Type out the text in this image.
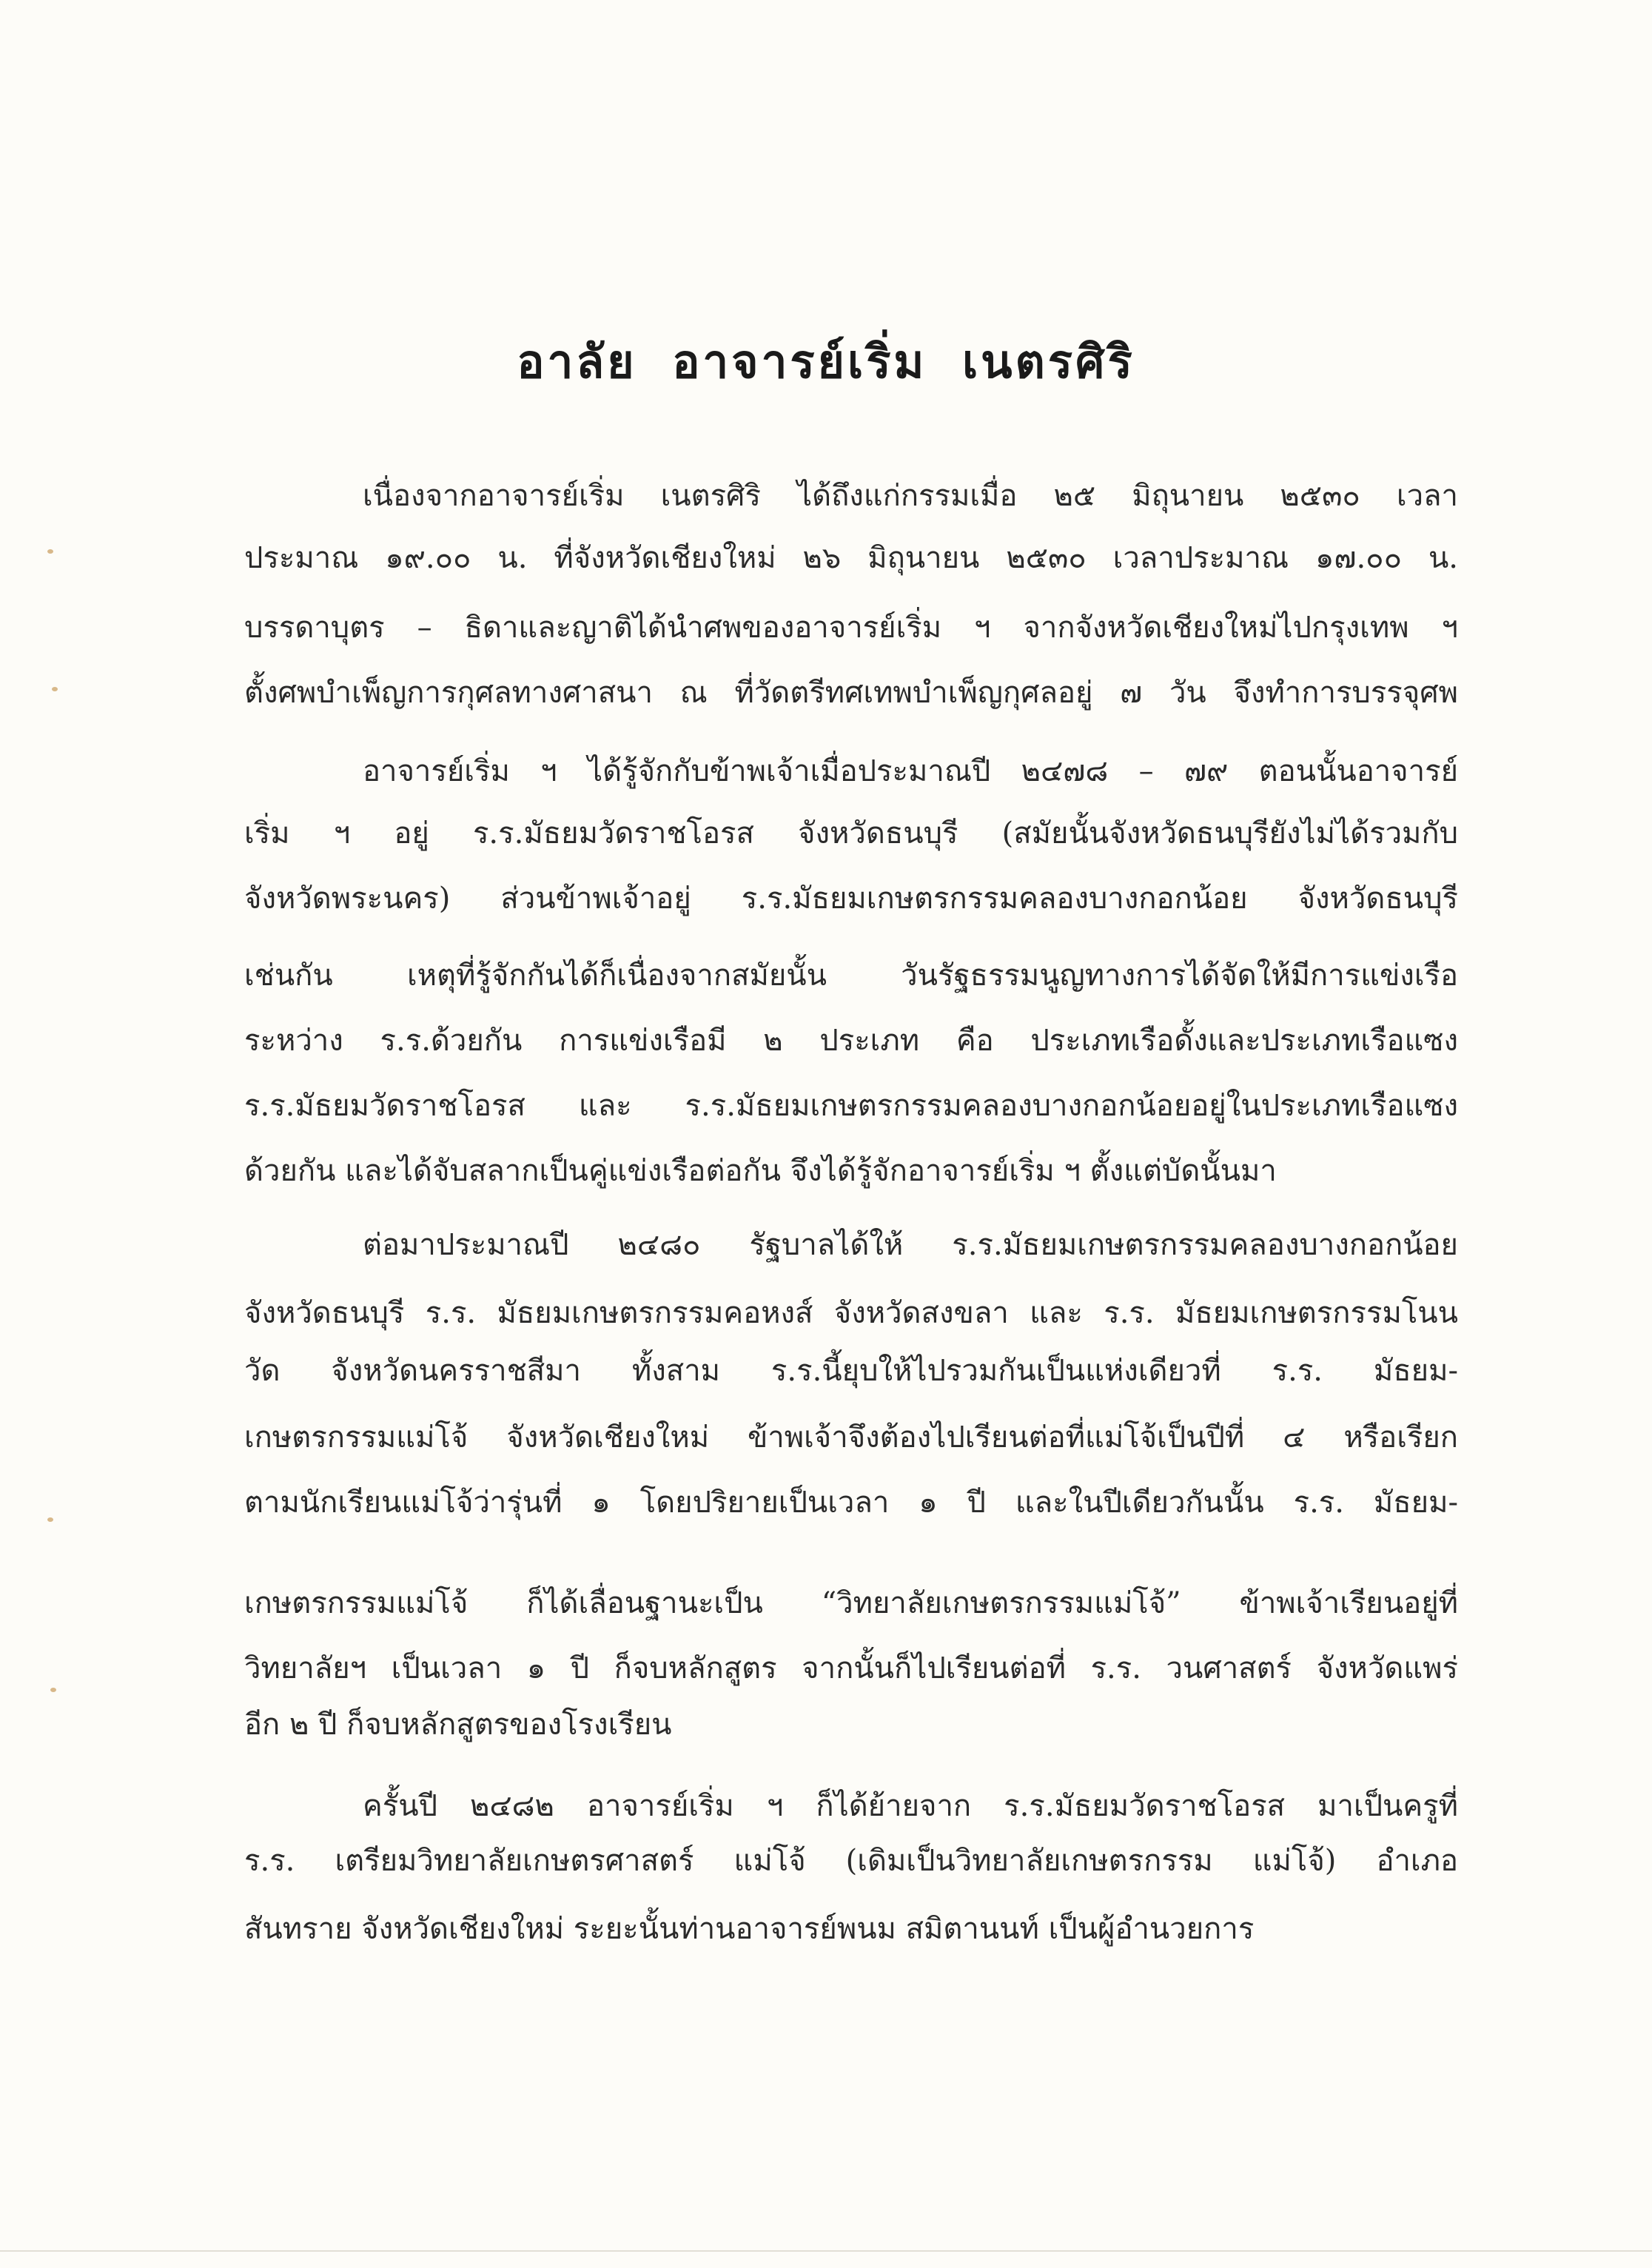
อาลัย อาจารย์เริ่ม เนตรศิริ
เนื่องจากอาจารย์เริ่ม เนตรศิริ ได้ถึงแก่กรรมเมื่อ ๒๕ มิถุนายน ๒๕๓๐ เวลา
ประมาณ ๑๙.๐๐ น. ที่จังหวัดเชียงใหม่ ๒๖ มิถุนายน ๒๕๓๐ เวลาประมาณ ๑๗.๐๐ น.
บรรดาบุตร – ธิดาและญาติได้นำศพของอาจารย์เริ่ม ฯ จากจังหวัดเชียงใหม่ไปกรุงเทพ ฯ
ตั้งศพบำเพ็ญการกุศลทางศาสนา ณ ที่วัดตรีทศเทพบำเพ็ญกุศลอยู่ ๗ วัน จึงทำการบรรจุศพ
อาจารย์เริ่ม ฯ ได้รู้จักกับข้าพเจ้าเมื่อประมาณปี ๒๔๗๘ – ๗๙ ตอนนั้นอาจารย์
เริ่ม ฯ อยู่ ร.ร.มัธยมวัดราชโอรส จังหวัดธนบุรี (สมัยนั้นจังหวัดธนบุรียังไม่ได้รวมกับ
จังหวัดพระนคร) ส่วนข้าพเจ้าอยู่ ร.ร.มัธยมเกษตรกรรมคลองบางกอกน้อย จังหวัดธนบุรี
เช่นกัน เหตุที่รู้จักกันได้ก็เนื่องจากสมัยนั้น วันรัฐธรรมนูญทางการได้จัดให้มีการแข่งเรือ
ระหว่าง ร.ร.ด้วยกัน การแข่งเรือมี ๒ ประเภท คือ ประเภทเรือดั้งและประเภทเรือแซง
ร.ร.มัธยมวัดราชโอรส และ ร.ร.มัธยมเกษตรกรรมคลองบางกอกน้อยอยู่ในประเภทเรือแซง
ด้วยกัน และได้จับสลากเป็นคู่แข่งเรือต่อกัน จึงได้รู้จักอาจารย์เริ่ม ฯ ตั้งแต่บัดนั้นมา
ต่อมาประมาณปี ๒๔๘๐ รัฐบาลได้ให้ ร.ร.มัธยมเกษตรกรรมคลองบางกอกน้อย
จังหวัดธนบุรี ร.ร. มัธยมเกษตรกรรมคอหงส์ จังหวัดสงขลา และ ร.ร. มัธยมเกษตรกรรมโนน
วัด จังหวัดนครราชสีมา ทั้งสาม ร.ร.นี้ยุบให้ไปรวมกันเป็นแห่งเดียวที่ ร.ร. มัธยม-
เกษตรกรรมแม่โจ้ จังหวัดเชียงใหม่ ข้าพเจ้าจึงต้องไปเรียนต่อที่แม่โจ้เป็นปีที่ ๔ หรือเรียก
ตามนักเรียนแม่โจ้ว่ารุ่นที่ ๑ โดยปริยายเป็นเวลา ๑ ปี และในปีเดียวกันนั้น ร.ร. มัธยม-
เกษตรกรรมแม่โจ้ ก็ได้เลื่อนฐานะเป็น “วิทยาลัยเกษตรกรรมแม่โจ้” ข้าพเจ้าเรียนอยู่ที่
วิทยาลัยฯ เป็นเวลา ๑ ปี ก็จบหลักสูตร จากนั้นก็ไปเรียนต่อที่ ร.ร. วนศาสตร์ จังหวัดแพร่
อีก ๒ ปี ก็จบหลักสูตรของโรงเรียน
ครั้นปี ๒๔๘๒ อาจารย์เริ่ม ฯ ก็ได้ย้ายจาก ร.ร.มัธยมวัดราชโอรส มาเป็นครูที่
ร.ร. เตรียมวิทยาลัยเกษตรศาสตร์ แม่โจ้ (เดิมเป็นวิทยาลัยเกษตรกรรม แม่โจ้) อำเภอ
สันทราย จังหวัดเชียงใหม่ ระยะนั้นท่านอาจารย์พนม สมิตานนท์ เป็นผู้อำนวยการ
